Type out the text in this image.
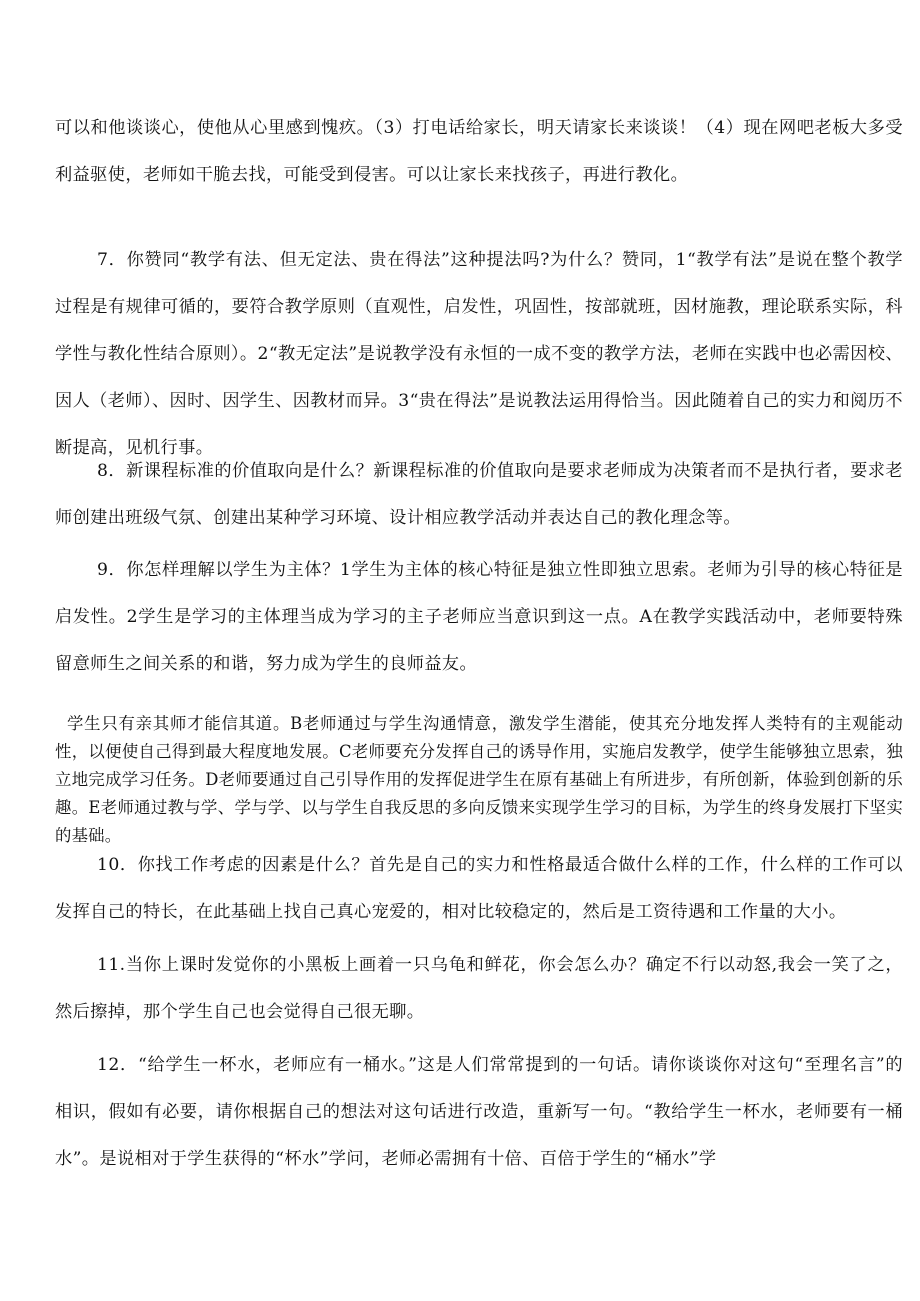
可以和他谈谈心，使他从心里感到愧疚。（3）打电话给家长，明天请家长来谈谈！（4）现在网吧老板大多受利益驱使，老师如干脆去找，可能受到侵害。可以让家长来找孩子，再进行教化。

7．你赞同“教学有法、但无定法、贵在得法”这种提法吗?为什么？赞同，1“教学有法”是说在整个教学过程是有规律可循的，要符合教学原则（直观性，启发性，巩固性，按部就班，因材施教，理论联系实际，科学性与教化性结合原则）。2“教无定法”是说教学没有永恒的一成不变的教学方法，老师在实践中也必需因校、因人（老师）、因时、因学生、因教材而异。3“贵在得法”是说教法运用得恰当。因此随着自己的实力和阅历不断提高，见机行事。

8．新课程标准的价值取向是什么？新课程标准的价值取向是要求老师成为决策者而不是执行者，要求老师创建出班级气氛、创建出某种学习环境、设计相应教学活动并表达自己的教化理念等。

9．你怎样理解以学生为主体？1学生为主体的核心特征是独立性即独立思索。老师为引导的核心特征是启发性。2学生是学习的主体理当成为学习的主子老师应当意识到这一点。A在教学实践活动中，老师要特殊留意师生之间关系的和谐，努力成为学生的良师益友。

学生只有亲其师才能信其道。B老师通过与学生沟通情意，激发学生潜能，使其充分地发挥人类特有的主观能动性，以便使自己得到最大程度地发展。C老师要充分发挥自己的诱导作用，实施启发教学，使学生能够独立思索，独立地完成学习任务。D老师要通过自己引导作用的发挥促进学生在原有基础上有所进步，有所创新，体验到创新的乐趣。E老师通过教与学、学与学、以与学生自我反思的多向反馈来实现学生学习的目标，为学生的终身发展打下坚实的基础。

10．你找工作考虑的因素是什么？首先是自己的实力和性格最适合做什么样的工作，什么样的工作可以发挥自己的特长，在此基础上找自己真心宠爱的，相对比较稳定的，然后是工资待遇和工作量的大小。

11.当你上课时发觉你的小黑板上画着一只乌龟和鲜花，你会怎么办？确定不行以动怒,我会一笑了之，然后擦掉，那个学生自己也会觉得自己很无聊。

12．“给学生一杯水，老师应有一桶水。”这是人们常常提到的一句话。请你谈谈你对这句“至理名言”的相识，假如有必要，请你根据自己的想法对这句话进行改造，重新写一句。“教给学生一杯水，老师要有一桶水”。是说相对于学生获得的“杯水”学问，老师必需拥有十倍、百倍于学生的“桶水”学
